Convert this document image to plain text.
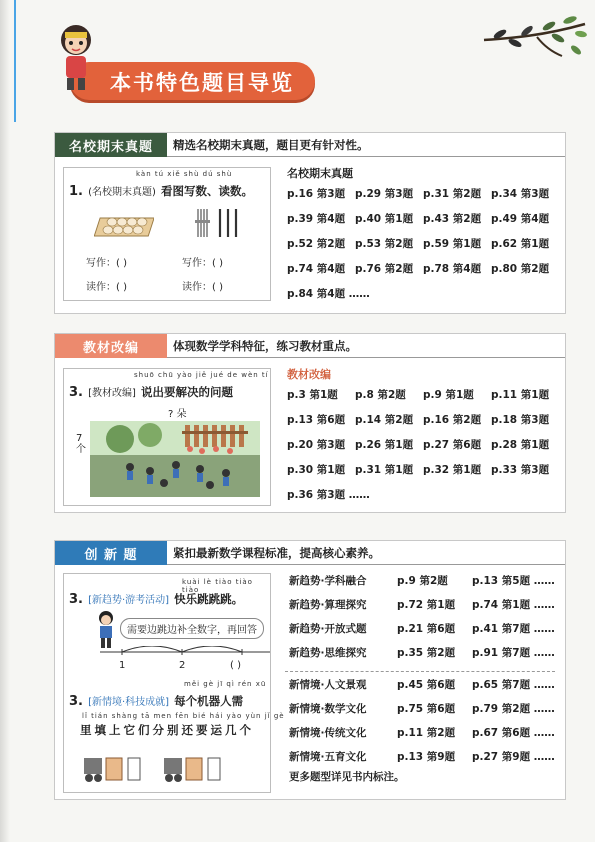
本书特色题目导览
名校期末真题	精选名校期末真题，题目更有针对性。
kàn tú xiě shù dú shù
1. (名校期末真题) 看图写数、读数。
写作：( )	写作：( )
读作：( )	读作：( )
名校期末真题
p.16 第3题 p.29 第3题 p.31 第2题 p.34 第3题
p.39 第4题 p.40 第1题 p.43 第2题 p.49 第4题
p.52 第2题 p.53 第2题 p.59 第1题 p.62 第1题
p.74 第4题 p.76 第2题 p.78 第4题 p.80 第2题
p.84 第4题 ……
教材改编	体现数学学科特征，练习教材重点。
shuō chū yào jiě jué de wèn tí
3. [教材改编] 说出要解决的问题
? 朵
7 个
教材改编
p.3 第1题	p.8 第2题	p.9 第1题	p.11 第1题
p.13 第6题 p.14 第2题 p.16 第2题 p.18 第3题
p.20 第3题 p.26 第1题 p.27 第6题 p.28 第1题
p.30 第1题 p.31 第1题 p.32 第1题 p.33 第3题
p.36 第3题 ……
创 新 题	紧扣最新数学课程标准，提高核心素养。
kuài lè tiào tiào tiào
3. [新趋势·游考活动] 快乐跳跳跳。
需要边跳边补全数字，再回答
1	2	( )
měi gè jī qì rén xū
3. [新情境·科技成就] 每个机器人需
lǐ tián shàng tā men fēn bié hái yào yùn jǐ gè
里填上它们分别还要运几个
新趋势·学科融合	p.9 第2题 p.13 第5题 ……
新趋势·算理探究	p.72 第1题 p.74 第1题 ……
新趋势·开放式题	p.21 第6题 p.41 第7题 ……
新趋势·思维探究	p.35 第2题 p.91 第7题 ……
新情境·人文景观	p.45 第6题 p.65 第7题 ……
新情境·数学文化	p.75 第6题 p.79 第2题 ……
新情境·传统文化	p.11 第2题 p.67 第6题 ……
新情境·五育文化	p.13 第9题 p.27 第9题 ……
更多题型详见书内标注。
